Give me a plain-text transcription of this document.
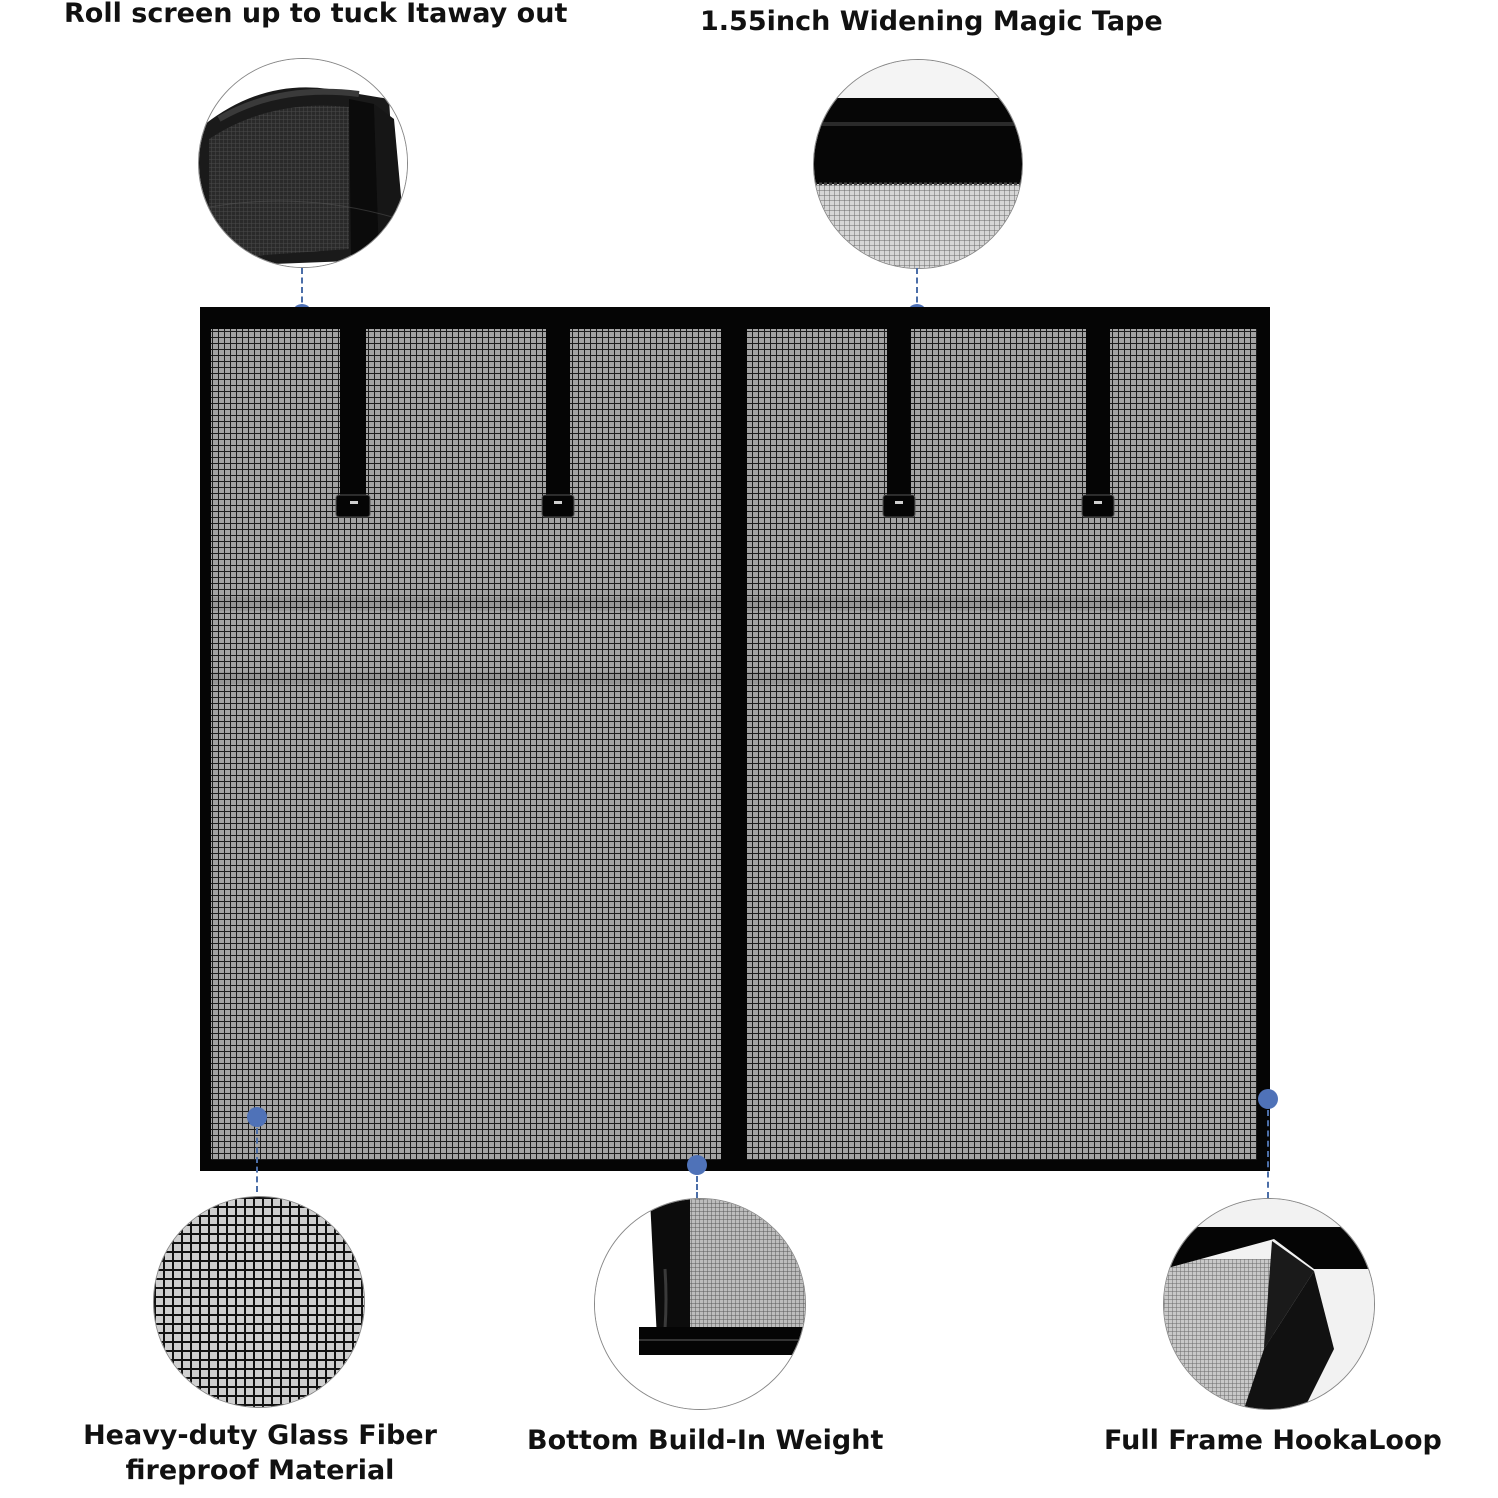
Roll screen up to tuck Itaway out	1.55inch Widening Magic Tape
Heavy-duty Glass Fiber
fireproof Material
Bottom Build-In Weight	Full Frame HookaLoop
